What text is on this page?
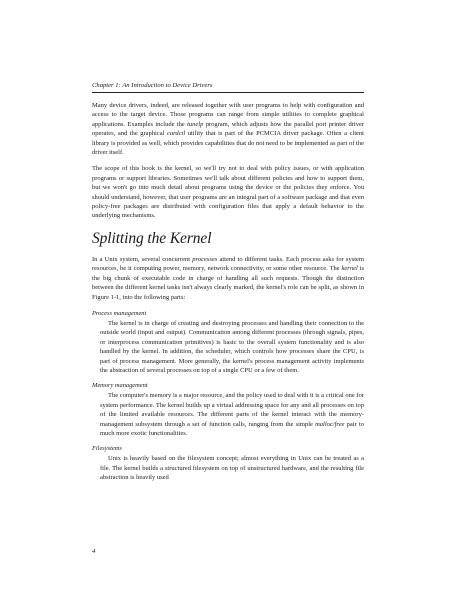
Chapter 1: An Introduction to Device Drivers

Many device drivers, indeed, are released together with user programs to help with configuration and access to the target device. Those programs can range from simple utilities to complete graphical applications. Examples include the tunelp program, which adjusts how the parallel port printer driver operates, and the graphical cardctl utility that is part of the PCMCIA driver package. Often a client library is provided as well, which provides capabilities that do not need to be implemented as part of the driver itself.

The scope of this book is the kernel, so we'll try not to deal with policy issues, or with application programs or support libraries. Sometimes we'll talk about different policies and how to support them, but we won't go into much detail about programs using the device or the policies they enforce. You should understand, however, that user programs are an integral part of a software package and that even policy-free packages are distributed with configuration files that apply a default behavior to the underlying mechanisms.

Splitting the Kernel

In a Unix system, several concurrent processes attend to different tasks. Each process asks for system resources, be it computing power, memory, network connectivity, or some other resource. The kernel is the big chunk of executable code in charge of handling all such requests. Though the distinction between the different kernel tasks isn't always clearly marked, the kernel's role can be split, as shown in Figure 1-1, into the following parts:

Process management
The kernel is in charge of creating and destroying processes and handling their connection to the outside world (input and output). Communication among different processes (through signals, pipes, or interprocess communication primitives) is basic to the overall system functionality and is also handled by the kernel. In addition, the scheduler, which controls how processes share the CPU, is part of process management. More generally, the kernel's process management activity implements the abstraction of several processes on top of a single CPU or a few of them.
Memory management
The computer's memory is a major resource, and the policy used to deal with it is a critical one for system performance. The kernel builds up a virtual addressing space for any and all processes on top of the limited available resources. The different parts of the kernel interact with the memory-management subsystem through a set of function calls, ranging from the simple malloc/free pair to much more exotic functionalities.
Filesystems
Unix is heavily based on the filesystem concept; almost everything in Unix can be treated as a file. The kernel builds a structured filesystem on top of unstructured hardware, and the resulting file abstraction is heavily used
4
